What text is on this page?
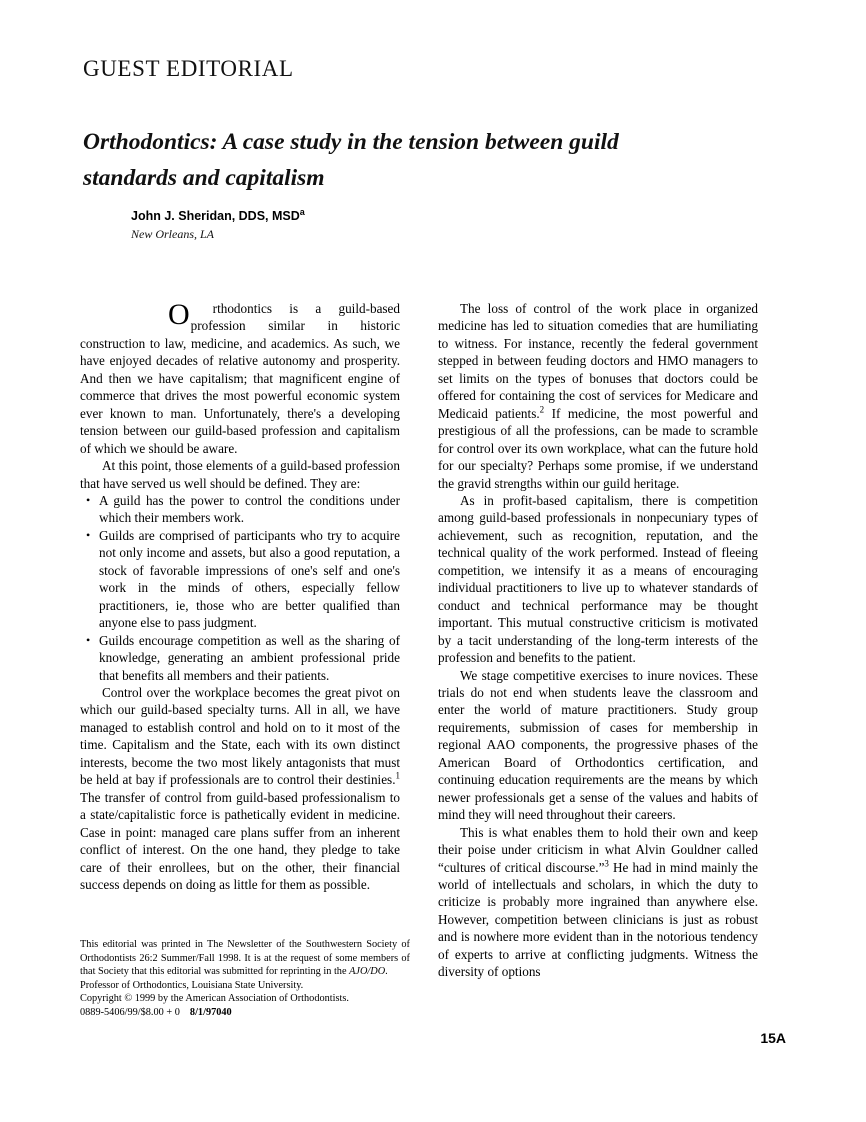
GUEST EDITORIAL
Orthodontics: A case study in the tension between guild standards and capitalism
John J. Sheridan, DDS, MSD$^a$
New Orleans, LA

O rthodontics is a guild-based profession similar in historic construction to law, medicine, and academics. As such, we have enjoyed decades of relative autonomy and prosperity. And then we have capitalism; that magnificent engine of commerce that drives the most powerful economic system ever known to man. Unfortunately, there's a developing tension between our guild-based profession and capitalism of which we should be aware.

At this point, those elements of a guild-based profession that have served us well should be defined. They are:

• A guild has the power to control the conditions under which their members work.
• Guilds are comprised of participants who try to acquire not only income and assets, but also a good reputation, a stock of favorable impressions of one's self and one's work in the minds of others, especially fellow practitioners, ie, those who are better qualified than anyone else to pass judgment.
• Guilds encourage competition as well as the sharing of knowledge, generating an ambient professional pride that benefits all members and their patients.

Control over the workplace becomes the great pivot on which our guild-based specialty turns. All in all, we have managed to establish control and hold on to it most of the time. Capitalism and the State, each with its own distinct interests, become the two most likely antagonists that must be held at bay if professionals are to control their destinies.$^1$ The transfer of control from guild-based professionalism to a state/capitalistic force is pathetically evident in medicine. Case in point: managed care plans suffer from an inherent conflict of interest. On the one hand, they pledge to take care of their enrollees, but on the other, their financial success depends on doing as little for them as possible.

The loss of control of the work place in organized medicine has led to situation comedies that are humiliating to witness. For instance, recently the federal government stepped in between feuding doctors and HMO managers to set limits on the types of bonuses that doctors could be offered for containing the cost of services for Medicare and Medicaid patients.$^2$ If medicine, the most powerful and prestigious of all the professions, can be made to scramble for control over its own workplace, what can the future hold for our specialty? Perhaps some promise, if we understand the gravid strengths within our guild heritage.

As in profit-based capitalism, there is competition among guild-based professionals in nonpecuniary types of achievement, such as recognition, reputation, and the technical quality of the work performed. Instead of fleeing competition, we intensify it as a means of encouraging individual practitioners to live up to whatever standards of conduct and technical performance may be thought important. This mutual constructive criticism is motivated by a tacit understanding of the long-term interests of the profession and benefits to the patient.

We stage competitive exercises to inure novices. These trials do not end when students leave the classroom and enter the world of mature practitioners. Study group requirements, submission of cases for membership in regional AAO components, the progressive phases of the American Board of Orthodontics certification, and continuing education requirements are the means by which newer professionals get a sense of the values and habits of mind they will need throughout their careers.

This is what enables them to hold their own and keep their poise under criticism in what Alvin Gouldner called “cultures of critical discourse.”$^3$ He had in mind mainly the world of intellectuals and scholars, in which the duty to criticize is probably more ingrained than anywhere else. However, competition between clinicians is just as robust and is nowhere more evident than in the notorious tendency of experts to arrive at conflicting judgments. Witness the diversity of options

This editorial was printed in The Newsletter of the Southwestern Society of Orthodontists 26:2 Summer/Fall 1998. It is at the request of some members of that Society that this editorial was submitted for reprinting in the AJO/DO.

Professor of Orthodontics, Louisiana State University.

Copyright © 1999 by the American Association of Orthodontists.

0889-5406/99/$8.00 + 0 8/1/97040

15A
